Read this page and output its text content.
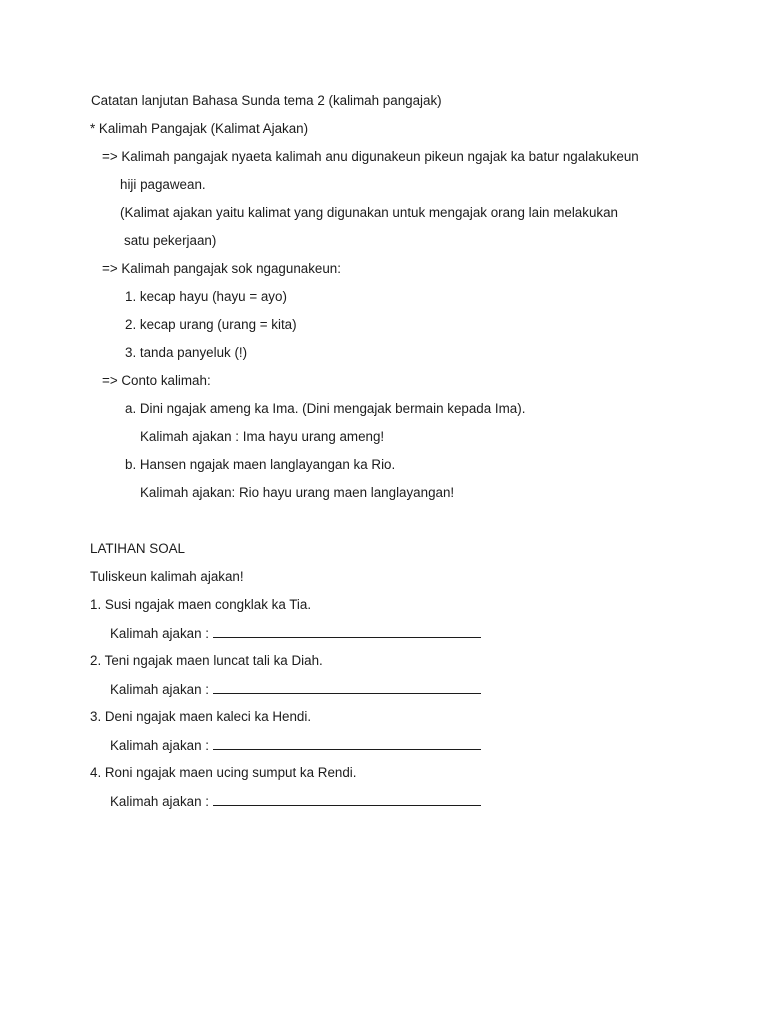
Catatan lanjutan Bahasa Sunda tema 2 (kalimah pangajak)
* Kalimah Pangajak (Kalimat Ajakan)
=> Kalimah pangajak nyaeta kalimah anu digunakeun pikeun ngajak ka batur ngalakukeun
hiji pagawean.
(Kalimat ajakan yaitu kalimat yang digunakan untuk mengajak orang lain melakukan
satu pekerjaan)
=> Kalimah pangajak sok ngagunakeun:
1. kecap hayu (hayu = ayo)
2. kecap urang (urang = kita)
3. tanda panyeluk (!)
=> Conto kalimah:
a. Dini ngajak ameng ka Ima. (Dini mengajak bermain kepada Ima).
Kalimah ajakan : Ima hayu urang ameng!
b. Hansen ngajak maen langlayangan ka Rio.
Kalimah ajakan: Rio hayu urang maen langlayangan!
LATIHAN SOAL
Tuliskeun kalimah ajakan!
1. Susi ngajak maen congklak ka Tia.
Kalimah ajakan :
2. Teni ngajak maen luncat tali ka Diah.
Kalimah ajakan :
3. Deni ngajak maen kaleci ka Hendi.
Kalimah ajakan :
4. Roni ngajak maen ucing sumput ka Rendi.
Kalimah ajakan :
